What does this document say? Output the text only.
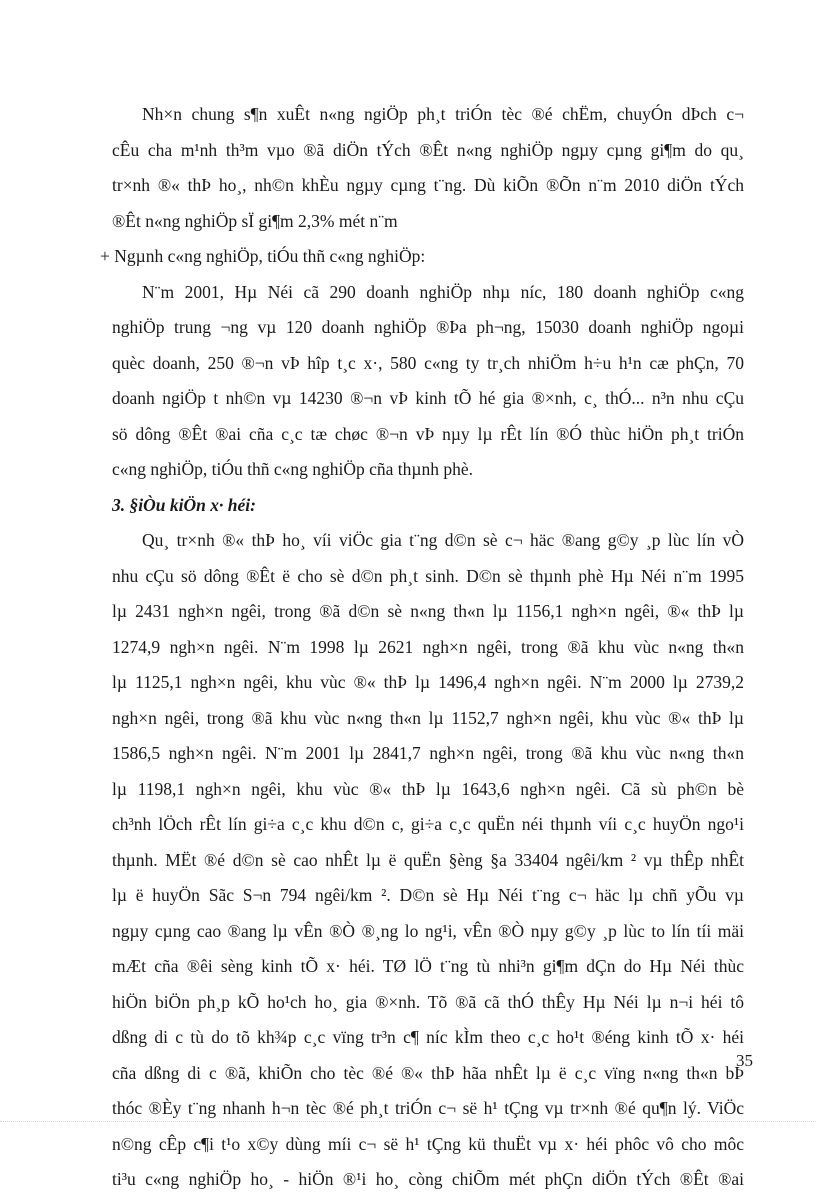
Nh×n chung s¶n xuÊt n«ng ngiÖp ph¸t triÓn tèc ®é chËm, chuyÓn dÞch c¬
cÊu cha m¹nh th³m vµo ®ã diÖn tÝch ®Êt n«ng nghiÖp ngµy cµng gi¶m do qu¸
tr×nh ®« thÞ ho¸, nh©n khÈu ngµy cµng t¨ng. Dù kiÕn ®Õn n¨m 2010 diÖn tÝch
®Êt n«ng nghiÖp sÏ gi¶m 2,3% mét n¨m
+ Ngµnh c«ng nghiÖp, tiÓu thñ c«ng nghiÖp:
N¨m 2001, Hµ Néi cã 290 doanh nghiÖp nhµ níc, 180 doanh nghiÖp c«ng
nghiÖp trung ¬ng vµ 120 doanh nghiÖp ®Þa ph¬ng, 15030 doanh nghiÖp ngoµi
quèc doanh, 250 ®¬n vÞ hîp t¸c x·, 580 c«ng ty tr¸ch nhiÖm h÷u h¹n cæ phÇn, 70
doanh ngiÖp t nh©n vµ 14230 ®¬n vÞ kinh tÕ hé gia ®×nh, c¸ thÓ... n³n nhu cÇu
sö dông ®Êt ®ai cña c¸c tæ chøc ®¬n vÞ nµy lµ rÊt lín ®Ó thùc hiÖn ph¸t triÓn
c«ng nghiÖp, tiÓu thñ c«ng nghiÖp cña thµnh phè.
3. §iÒu kiÖn x· héi:
Qu¸ tr×nh ®« thÞ ho¸ víi viÖc gia t¨ng d©n sè c¬ häc ®ang g©y ¸p lùc lín vÒ
nhu cÇu sö dông ®Êt ë cho sè d©n ph¸t sinh. D©n sè thµnh phè Hµ Néi n¨m 1995
lµ 2431 ngh×n ngêi, trong ®ã d©n sè n«ng th«n lµ 1156,1 ngh×n ngêi, ®« thÞ lµ
1274,9 ngh×n ngêi. N¨m 1998 lµ 2621 ngh×n ngêi, trong ®ã khu vùc n«ng th«n
lµ 1125,1 ngh×n ngêi, khu vùc ®« thÞ lµ 1496,4 ngh×n ngêi. N¨m 2000 lµ 2739,2
ngh×n ngêi, trong ®ã khu vùc n«ng th«n lµ 1152,7 ngh×n ngêi, khu vùc ®« thÞ lµ
1586,5 ngh×n ngêi. N¨m 2001 lµ 2841,7 ngh×n ngêi, trong ®ã khu vùc n«ng th«n
lµ 1198,1 ngh×n ngêi, khu vùc ®« thÞ lµ 1643,6 ngh×n ngêi. Cã sù ph©n bè
ch³nh lÖch rÊt lín gi÷a c¸c khu d©n c, gi÷a c¸c quËn néi thµnh víi c¸c huyÖn ngo¹i
thµnh. MËt ®é d©n sè cao nhÊt lµ ë quËn §èng §a 33404 ngêi/km ² vµ thÊp nhÊt
lµ ë huyÖn Sãc S¬n 794 ngêi/km ². D©n sè Hµ Néi t¨ng c¬ häc lµ chñ yÕu vµ
ngµy cµng cao ®ang lµ vÊn ®Ò ®¸ng lo ng¹i, vÊn ®Ò nµy g©y ¸p lùc to lín tíi mäi
mÆt cña ®êi sèng kinh tÕ x· héi. TØ lÖ t¨ng tù nhi³n gi¶m dÇn do Hµ Néi thùc
hiÖn biÖn ph¸p kÕ ho¹ch ho¸ gia ®×nh. Tõ ®ã cã thÓ thÊy Hµ Néi lµ n¬i héi tô
dßng di c tù do tõ kh¾p c¸c vïng tr³n c¶ níc kÌm theo c¸c ho¹t ®éng kinh tÕ x· héi
cña dßng di c ®ã, khiÕn cho tèc ®é ®« thÞ hãa nhÊt lµ ë c¸c vïng n«ng th«n bÞ
thóc ®Èy t¨ng nhanh h¬n tèc ®é ph¸t triÓn c¬ së h¹ tÇng vµ tr×nh ®é qu¶n lý. ViÖc
n©ng cÊp c¶i t¹o x©y dùng míi c¬ së h¹ tÇng kü thuËt vµ x· héi phôc vô cho môc
ti³u c«ng nghiÖp ho¸ - hiÖn ®¹i ho¸ còng chiÕm mét phÇn diÖn tÝch ®Êt ®ai
35
